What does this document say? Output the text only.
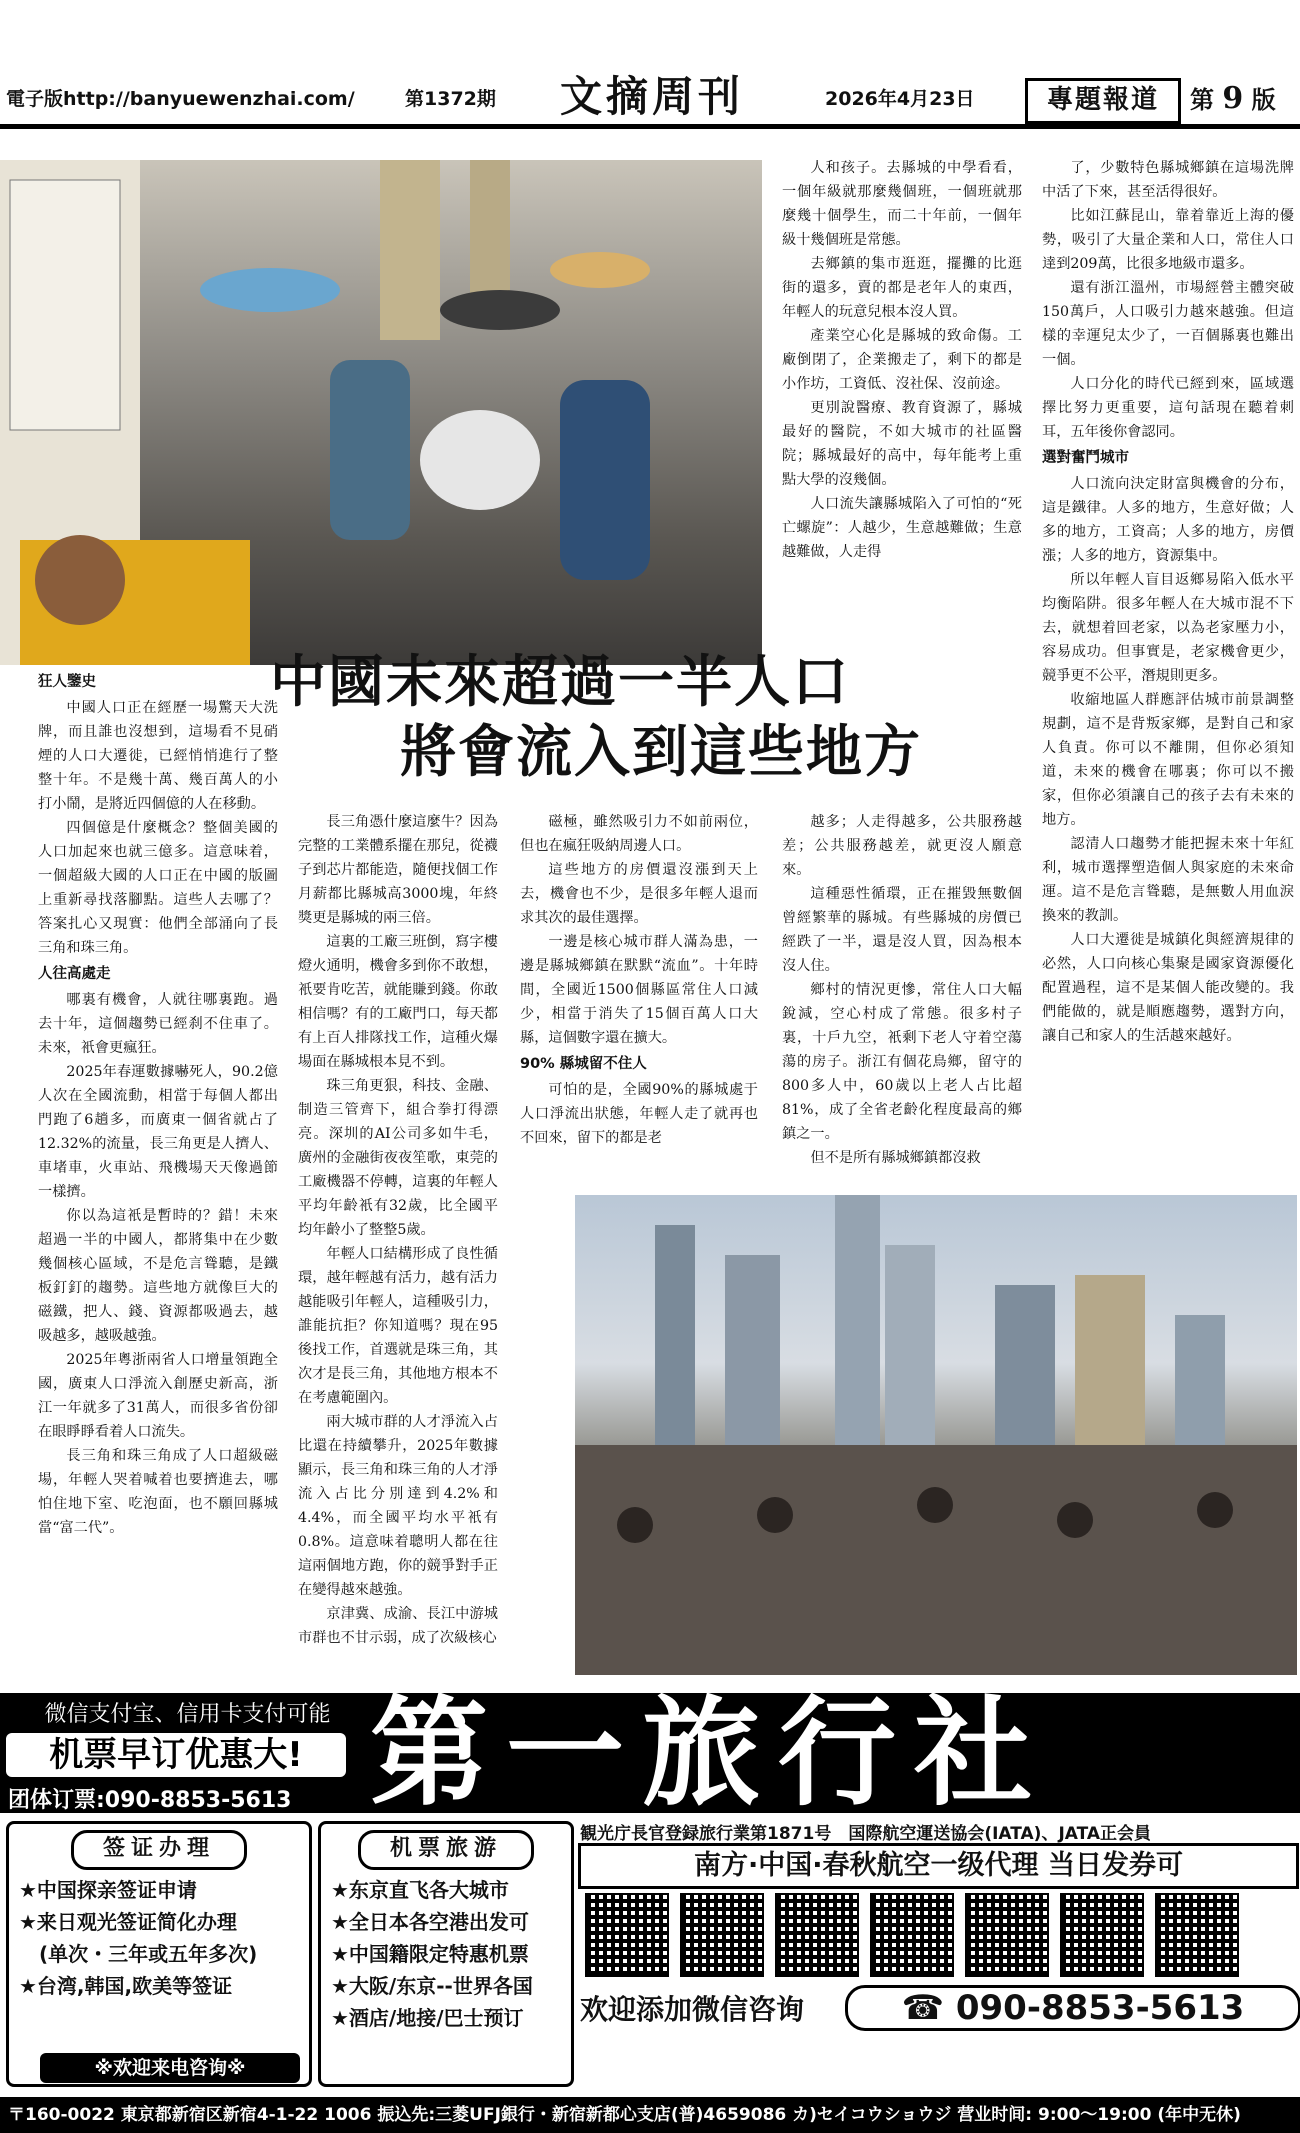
電子版http://banyuewenzhai.com/	第1372期 文摘周刊	2026年4月23日	專題報道	第 9 版
中國未來超過一半人口
將會流入到這些地方
狂人鑒史

中國人口正在經歷一場驚天大洗牌，而且誰也沒想到，這場看不見硝煙的人口大遷徙，已經悄悄進行了整整十年。不是幾十萬、幾百萬人的小打小鬧，是將近四個億的人在移動。

四個億是什麼概念？整個美國的人口加起來也就三億多。這意味着，一個超級大國的人口正在中國的版圖上重新尋找落腳點。這些人去哪了？答案扎心又現實：他們全部涌向了長三角和珠三角。

人往高處走

哪裏有機會，人就往哪裏跑。過去十年，這個趨勢已經刹不住車了。未來，衹會更瘋狂。

2025年春運數據嚇死人，90.2億人次在全國流動，相當于每個人都出門跑了6趟多，而廣東一個省就占了12.32%的流量，長三角更是人擠人、車堵車，火車站、飛機場天天像過節一樣擠。

你以為這衹是暫時的？錯！未來超過一半的中國人，都將集中在少數幾個核心區域，不是危言聳聽，是鐵板釘釘的趨勢。這些地方就像巨大的磁鐵，把人、錢、資源都吸過去，越吸越多，越吸越強。

2025年粵浙兩省人口增量領跑全國，廣東人口淨流入創歷史新高，浙江一年就多了31萬人，而很多省份卻在眼睜睜看着人口流失。

長三角和珠三角成了人口超級磁場，年輕人哭着喊着也要擠進去，哪怕住地下室、吃泡面，也不願回縣城當“富二代”。

長三角憑什麼這麼牛？因為完整的工業體系擺在那兒，從襪子到芯片都能造，隨便找個工作月薪都比縣城高3000塊，年終獎更是縣城的兩三倍。

這裏的工廠三班倒，寫字樓燈火通明，機會多到你不敢想，衹要肯吃苦，就能賺到錢。你敢相信嗎？有的工廠門口，每天都有上百人排隊找工作，這種火爆場面在縣城根本見不到。

珠三角更狠，科技、金融、制造三管齊下，組合拳打得漂亮。深圳的AI公司多如牛毛，廣州的金融街夜夜笙歌，東莞的工廠機器不停轉，這裏的年輕人平均年齡衹有32歲，比全國平均年齡小了整整5歲。

年輕人口結構形成了良性循環，越年輕越有活力，越有活力越能吸引年輕人，這種吸引力，誰能抗拒？你知道嗎？現在95後找工作，首選就是珠三角，其次才是長三角，其他地方根本不在考慮範圍內。

兩大城市群的人才淨流入占比還在持續攀升，2025年數據顯示，長三角和珠三角的人才淨流入占比分別達到4.2%和4.4%，而全國平均水平衹有0.8%。這意味着聰明人都在往這兩個地方跑，你的競爭對手正在變得越來越強。

京津冀、成渝、長江中游城市群也不甘示弱，成了次級核心

磁極，雖然吸引力不如前兩位，但也在瘋狂吸納周邊人口。

這些地方的房價還沒漲到天上去，機會也不少，是很多年輕人退而求其次的最佳選擇。

一邊是核心城市群人滿為患，一邊是縣城鄉鎮在默默“流血”。十年時間，全國近1500個縣區常住人口減少，相當于消失了15個百萬人口大縣，這個數字還在擴大。

90% 縣城留不住人

可怕的是，全國90%的縣城處于人口淨流出狀態，年輕人走了就再也不回來，留下的都是老

越多；人走得越多，公共服務越差；公共服務越差，就更沒人願意來。

這種惡性循環，正在摧毀無數個曾經繁華的縣城。有些縣城的房價已經跌了一半，還是沒人買，因為根本沒人住。

鄉村的情況更慘，常住人口大幅銳減，空心村成了常態。很多村子裏，十戶九空，衹剩下老人守着空蕩蕩的房子。浙江有個花鳥鄉，留守的800多人中，60歲以上老人占比超81%，成了全省老齡化程度最高的鄉鎮之一。

但不是所有縣城鄉鎮都沒救

人和孩子。去縣城的中學看看，一個年級就那麼幾個班，一個班就那麼幾十個學生，而二十年前，一個年級十幾個班是常態。

去鄉鎮的集市逛逛，擺攤的比逛街的還多，賣的都是老年人的東西，年輕人的玩意兒根本沒人買。

產業空心化是縣城的致命傷。工廠倒閉了，企業搬走了，剩下的都是小作坊，工資低、沒社保、沒前途。

更別說醫療、教育資源了，縣城最好的醫院，不如大城市的社區醫院；縣城最好的高中，每年能考上重點大學的沒幾個。

人口流失讓縣城陷入了可怕的“死亡螺旋”：人越少，生意越難做；生意越難做，人走得

了，少數特色縣城鄉鎮在這場洗牌中活了下來，甚至活得很好。

比如江蘇昆山，靠着靠近上海的優勢，吸引了大量企業和人口，常住人口達到209萬，比很多地級市還多。

還有浙江溫州，市場經營主體突破150萬戶，人口吸引力越來越強。但這樣的幸運兒太少了，一百個縣裏也難出一個。

人口分化的時代已經到來，區域選擇比努力更重要，這句話現在聽着刺耳，五年後你會認同。

選對奮鬥城市

人口流向決定財富與機會的分布，這是鐵律。人多的地方，生意好做；人多的地方，工資高；人多的地方，房價漲；人多的地方，資源集中。

所以年輕人盲目返鄉易陷入低水平均衡陷阱。很多年輕人在大城市混不下去，就想着回老家，以為老家壓力小，容易成功。但事實是，老家機會更少，競爭更不公平，潛規則更多。

收縮地區人群應評估城市前景調整規劃，這不是背叛家鄉，是對自己和家人負責。你可以不離開，但你必須知道，未來的機會在哪裏；你可以不搬家，但你必須讓自己的孩子去有未來的地方。

認清人口趨勢才能把握未來十年紅利，城市選擇塑造個人與家庭的未來命運。這不是危言聳聽，是無數人用血淚換來的教訓。

人口大遷徙是城鎮化與經濟規律的必然，人口向核心集聚是國家資源優化配置過程，這不是某個人能改變的。我們能做的，就是順應趨勢，選對方向，讓自己和家人的生活越來越好。

微信支付宝、信用卡支付可能
机票早订优惠大!
团体订票:090-8853-5613 第一旅行社
签证办理
★中国探亲签证申请
★来日观光签证简化办理
　(单次・三年或五年多次)
★台湾,韩国,欧美等签证
※欢迎来电咨询※
机票旅游
★东京直飞各大城市
★全日本各空港出发可
★中国籍限定特惠机票
★大阪/东京--世界各国
★酒店/地接/巴士预订
観光庁長官登録旅行業第1871号　国際航空運送協会(IATA)、JATA正会員
南方·中国·春秋航空一级代理 当日发券可
欢迎添加微信咨询	☎ 090-8853-5613
〒160-0022 東京都新宿区新宿4-1-22 1006 振込先:三菱UFJ銀行・新宿新都心支店(普)4659086 カ)セイコウショウジ 营业时间: 9:00～19:00 (年中无休)
